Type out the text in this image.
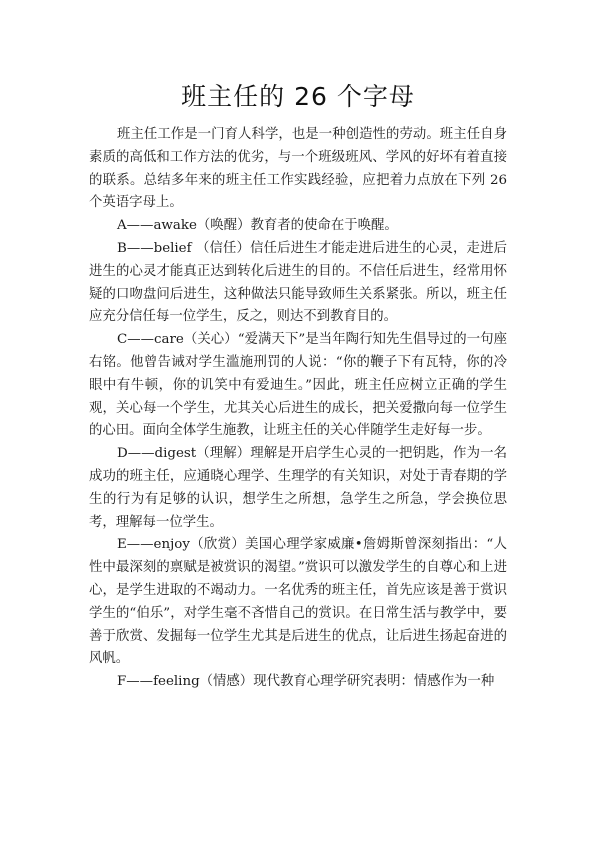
班主任的 26 个字母

班主任工作是一门育人科学，也是一种创造性的劳动。班主任自身素质的高低和工作方法的优劣，与一个班级班风、学风的好坏有着直接的联系。总结多年来的班主任工作实践经验，应把着力点放在下列 26 个英语字母上。

A——awake（唤醒）教育者的使命在于唤醒。

B——belief （信任）信任后进生才能走进后进生的心灵，走进后进生的心灵才能真正达到转化后进生的目的。不信任后进生，经常用怀疑的口吻盘问后进生，这种做法只能导致师生关系紧张。所以，班主任应充分信任每一位学生，反之，则达不到教育目的。

C——care（关心）“爱满天下”是当年陶行知先生倡导过的一句座右铭。他曾告诫对学生滥施刑罚的人说：“你的鞭子下有瓦特，你的冷眼中有牛顿，你的讥笑中有爱迪生。”因此，班主任应树立正确的学生观，关心每一个学生，尤其关心后进生的成长，把关爱撒向每一位学生的心田。面向全体学生施教，让班主任的关心伴随学生走好每一步。

D——digest（理解）理解是开启学生心灵的一把钥匙，作为一名成功的班主任，应通晓心理学、生理学的有关知识，对处于青春期的学生的行为有足够的认识，想学生之所想，急学生之所急，学会换位思考，理解每一位学生。

E——enjoy（欣赏）美国心理学家威廉•詹姆斯曾深刻指出：“人性中最深刻的禀赋是被赏识的渴望。”赏识可以激发学生的自尊心和上进心，是学生进取的不竭动力。一名优秀的班主任，首先应该是善于赏识学生的“伯乐”，对学生毫不吝惜自己的赏识。在日常生活与教学中，要善于欣赏、发掘每一位学生尤其是后进生的优点，让后进生扬起奋进的风帆。

F——feeling（情感）现代教育心理学研究表明：情感作为一种
